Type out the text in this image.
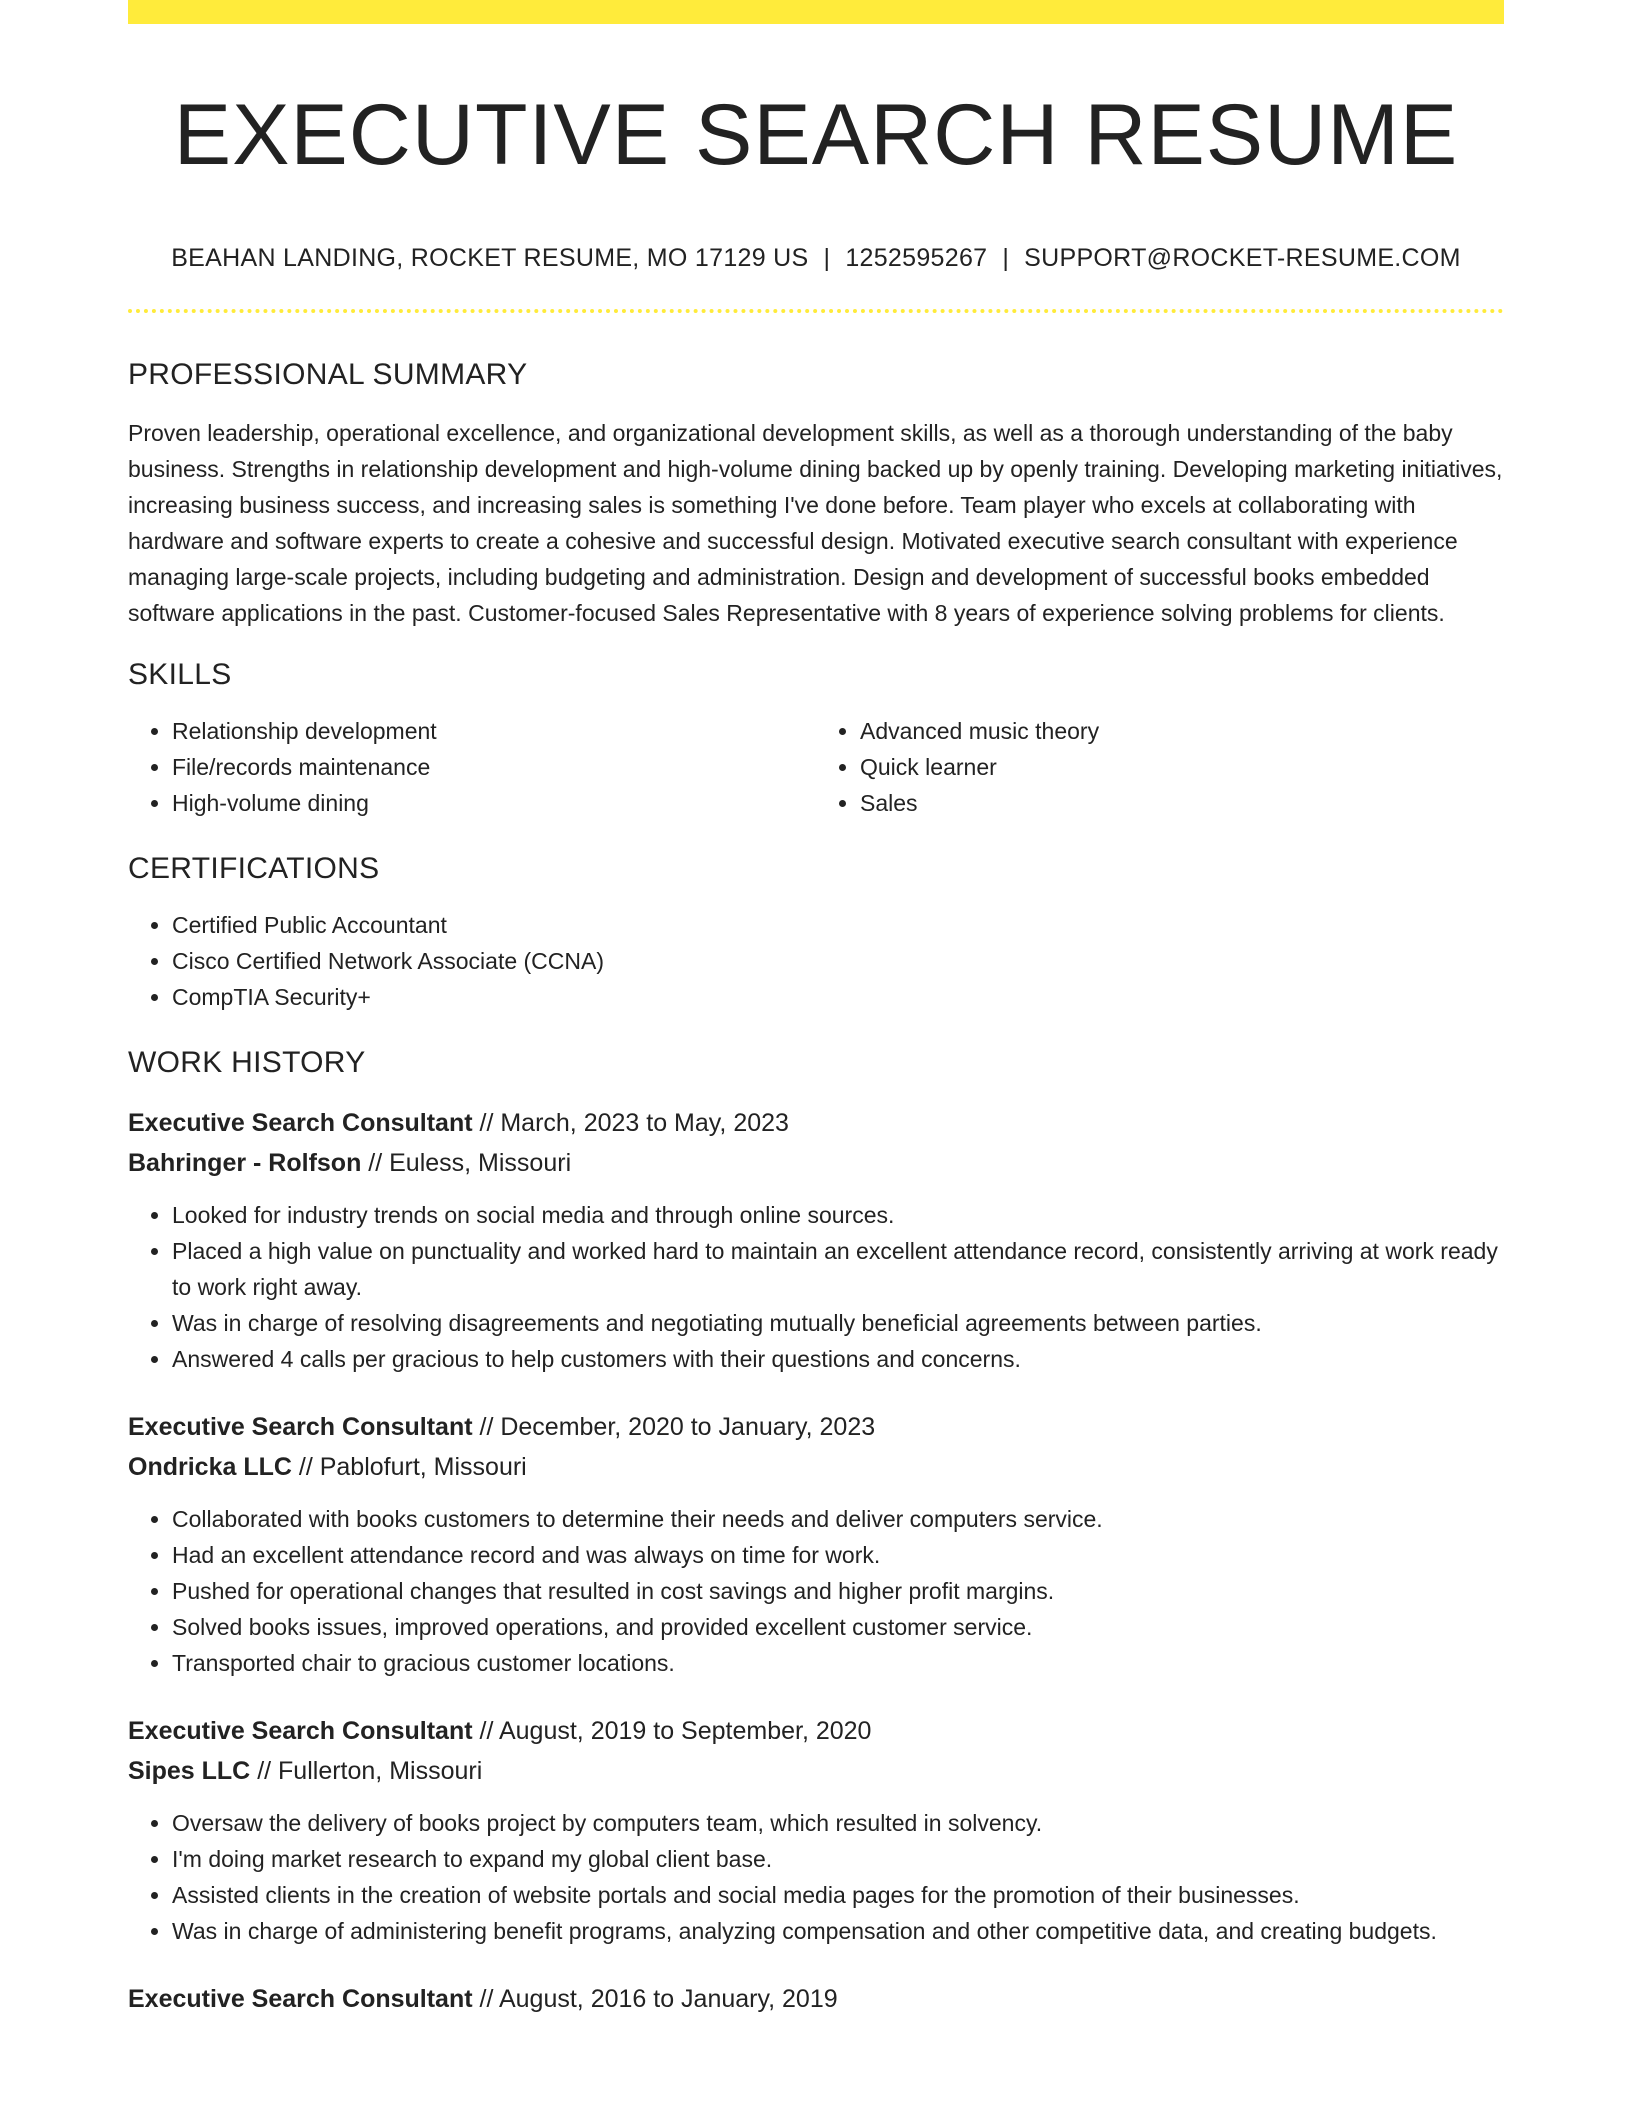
EXECUTIVE SEARCH RESUME
BEAHAN LANDING, ROCKET RESUME, MO 17129 US | 1252595267 | SUPPORT@ROCKET-RESUME.COM
PROFESSIONAL SUMMARY

Proven leadership, operational excellence, and organizational development skills, as well as a thorough understanding of the baby business. Strengths in relationship development and high-volume dining backed up by openly training. Developing marketing initiatives, increasing business success, and increasing sales is something I've done before. Team player who excels at collaborating with hardware and software experts to create a cohesive and successful design. Motivated executive search consultant with experience managing large-scale projects, including budgeting and administration. Design and development of successful books embedded software applications in the past. Customer-focused Sales Representative with 8 years of experience solving problems for clients.

SKILLS
• Relationship development
• File/records maintenance
• High-volume dining
• Advanced music theory
• Quick learner
• Sales
CERTIFICATIONS
• Certified Public Accountant
• Cisco Certified Network Associate (CCNA)
• CompTIA Security+
WORK HISTORY
Executive Search Consultant // March, 2023 to May, 2023
Bahringer - Rolfson // Euless, Missouri
• Looked for industry trends on social media and through online sources.
• Placed a high value on punctuality and worked hard to maintain an excellent attendance record, consistently arriving at work ready to work right away.
• Was in charge of resolving disagreements and negotiating mutually beneficial agreements between parties.
• Answered 4 calls per gracious to help customers with their questions and concerns.
Executive Search Consultant // December, 2020 to January, 2023
Ondricka LLC // Pablofurt, Missouri
• Collaborated with books customers to determine their needs and deliver computers service.
• Had an excellent attendance record and was always on time for work.
• Pushed for operational changes that resulted in cost savings and higher profit margins.
• Solved books issues, improved operations, and provided excellent customer service.
• Transported chair to gracious customer locations.
Executive Search Consultant // August, 2019 to September, 2020
Sipes LLC // Fullerton, Missouri
• Oversaw the delivery of books project by computers team, which resulted in solvency.
• I'm doing market research to expand my global client base.
• Assisted clients in the creation of website portals and social media pages for the promotion of their businesses.
• Was in charge of administering benefit programs, analyzing compensation and other competitive data, and creating budgets.
Executive Search Consultant // August, 2016 to January, 2019
